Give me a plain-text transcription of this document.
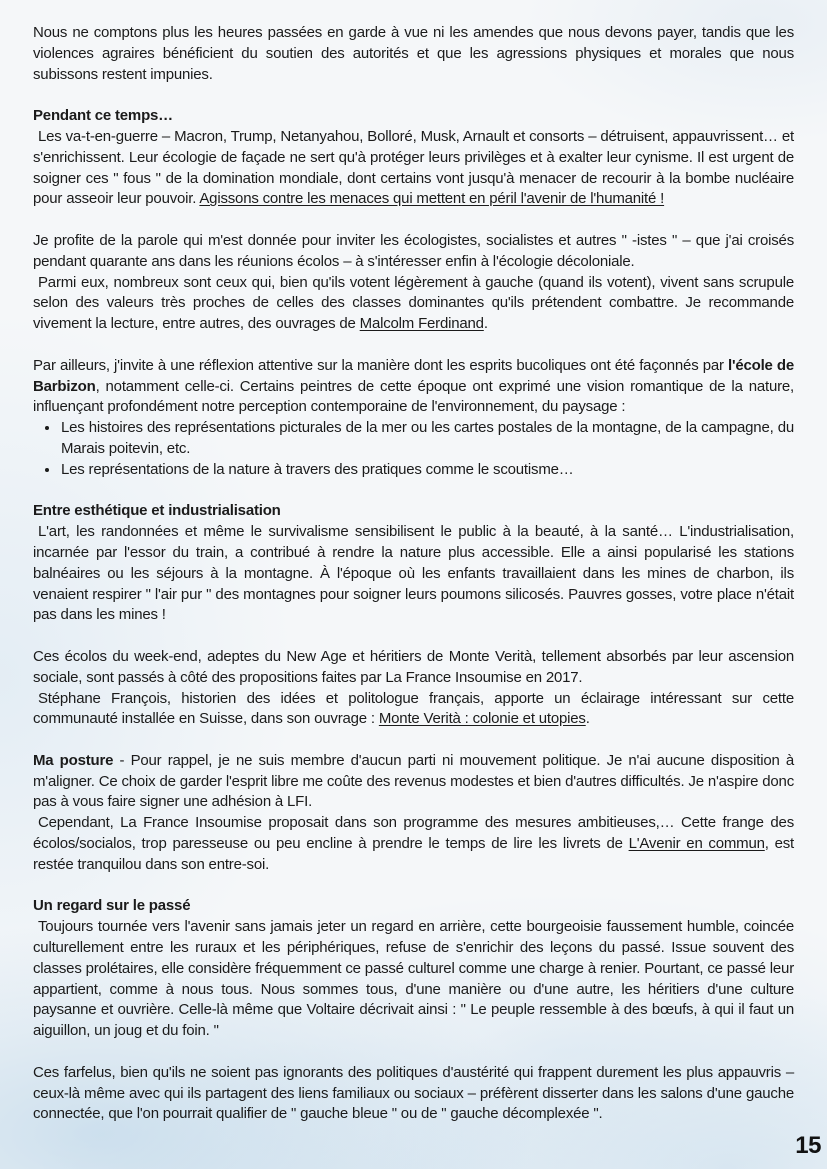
Nous ne comptons plus les heures passées en garde à vue ni les amendes que nous devons payer, tandis que les violences agraires bénéficient du soutien des autorités et que les agressions physiques et morales que nous subissons restent impunies.

Pendant ce temps…

Les va-t-en-guerre – Macron, Trump, Netanyahou, Bolloré, Musk, Arnault et consorts – détruisent, appauvrissent… et s'enrichissent. Leur écologie de façade ne sert qu'à protéger leurs privilèges et à exalter leur cynisme. Il est urgent de soigner ces " fous " de la domination mondiale, dont certains vont jusqu'à menacer de recourir à la bombe nucléaire pour asseoir leur pouvoir. Agissons contre les menaces qui mettent en péril l'avenir de l'humanité !

Je profite de la parole qui m'est donnée pour inviter les écologistes, socialistes et autres " -istes " – que j'ai croisés pendant quarante ans dans les réunions écolos – à s'intéresser enfin à l'écologie décoloniale.

Parmi eux, nombreux sont ceux qui, bien qu'ils votent légèrement à gauche (quand ils votent), vivent sans scrupule selon des valeurs très proches de celles des classes dominantes qu'ils prétendent combattre. Je recommande vivement la lecture, entre autres, des ouvrages de Malcolm Ferdinand.

Par ailleurs, j'invite à une réflexion attentive sur la manière dont les esprits bucoliques ont été façonnés par l'école de Barbizon, notamment celle-ci. Certains peintres de cette époque ont exprimé une vision romantique de la nature, influençant profondément notre perception contemporaine de l'environnement, du paysage :

• Les histoires des représentations picturales de la mer ou les cartes postales de la montagne, de la campagne, du Marais poitevin, etc.
• Les représentations de la nature à travers des pratiques comme le scoutisme…
Entre esthétique et industrialisation

L'art, les randonnées et même le survivalisme sensibilisent le public à la beauté, à la santé… L'industrialisation, incarnée par l'essor du train, a contribué à rendre la nature plus accessible. Elle a ainsi popularisé les stations balnéaires ou les séjours à la montagne. À l'époque où les enfants travaillaient dans les mines de charbon, ils venaient respirer " l'air pur " des montagnes pour soigner leurs poumons silicosés. Pauvres gosses, votre place n'était pas dans les mines !

Ces écolos du week-end, adeptes du New Age et héritiers de Monte Verità, tellement absorbés par leur ascension sociale, sont passés à côté des propositions faites par La France Insoumise en 2017.

Stéphane François, historien des idées et politologue français, apporte un éclairage intéressant sur cette communauté installée en Suisse, dans son ouvrage : Monte Verità : colonie et utopies.

Ma posture - Pour rappel, je ne suis membre d'aucun parti ni mouvement politique. Je n'ai aucune disposition à m'aligner. Ce choix de garder l'esprit libre me coûte des revenus modestes et bien d'autres difficultés. Je n'aspire donc pas à vous faire signer une adhésion à LFI.

Cependant, La France Insoumise proposait dans son programme des mesures ambitieuses,… Cette frange des écolos/socialos, trop paresseuse ou peu encline à prendre le temps de lire les livrets de L'Avenir en commun, est restée tranquilou dans son entre-soi.

Un regard sur le passé

Toujours tournée vers l'avenir sans jamais jeter un regard en arrière, cette bourgeoisie faussement humble, coincée culturellement entre les ruraux et les périphériques, refuse de s'enrichir des leçons du passé. Issue souvent des classes prolétaires, elle considère fréquemment ce passé culturel comme une charge à renier. Pourtant, ce passé leur appartient, comme à nous tous. Nous sommes tous, d'une manière ou d'une autre, les héritiers d'une culture paysanne et ouvrière. Celle-là même que Voltaire décrivait ainsi : " Le peuple ressemble à des bœufs, à qui il faut un aiguillon, un joug et du foin. "

Ces farfelus, bien qu'ils ne soient pas ignorants des politiques d'austérité qui frappent durement les plus appauvris – ceux-là même avec qui ils partagent des liens familiaux ou sociaux – préfèrent disserter dans les salons d'une gauche connectée, que l'on pourrait qualifier de " gauche bleue " ou de " gauche décomplexée ".

15
